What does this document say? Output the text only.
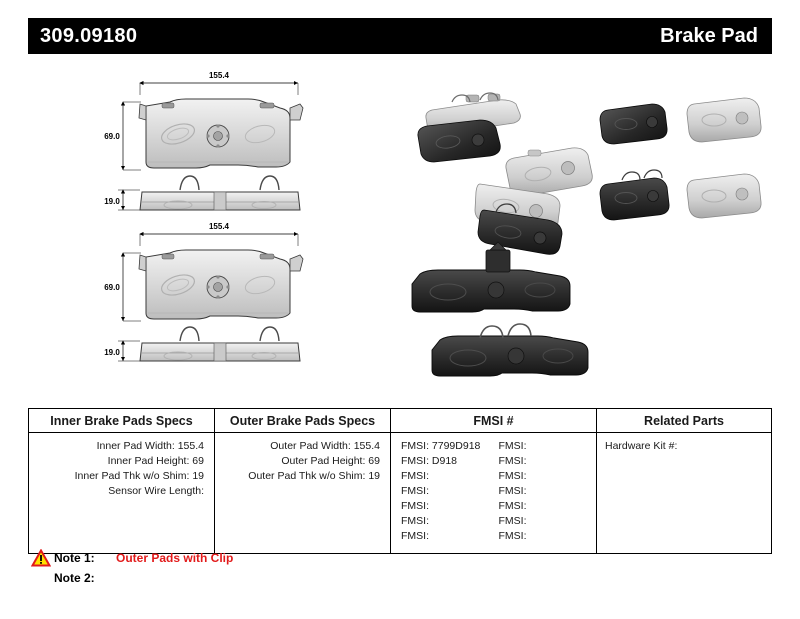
309.09180	Brake Pad
155.4
69.0
19.0
155.4
69.0
19.0
Inner Brake Pads Specs
Inner Pad Width: 155.4
Inner Pad Height: 69
Inner Pad Thk w/o Shim: 19
Sensor Wire Length:
Outer Brake Pads Specs
Outer Pad Width: 155.4
Outer Pad Height: 69
Outer Pad Thk w/o Shim: 19
FMSI #
FMSI: 7799D918
FMSI: D918
FMSI:
FMSI:
FMSI:
FMSI:
FMSI:
FMSI:
FMSI:
FMSI:
FMSI:
FMSI:
FMSI:
FMSI:
Related Parts
Hardware Kit #:
Note 1:	Outer Pads with Clip
Note 2:
